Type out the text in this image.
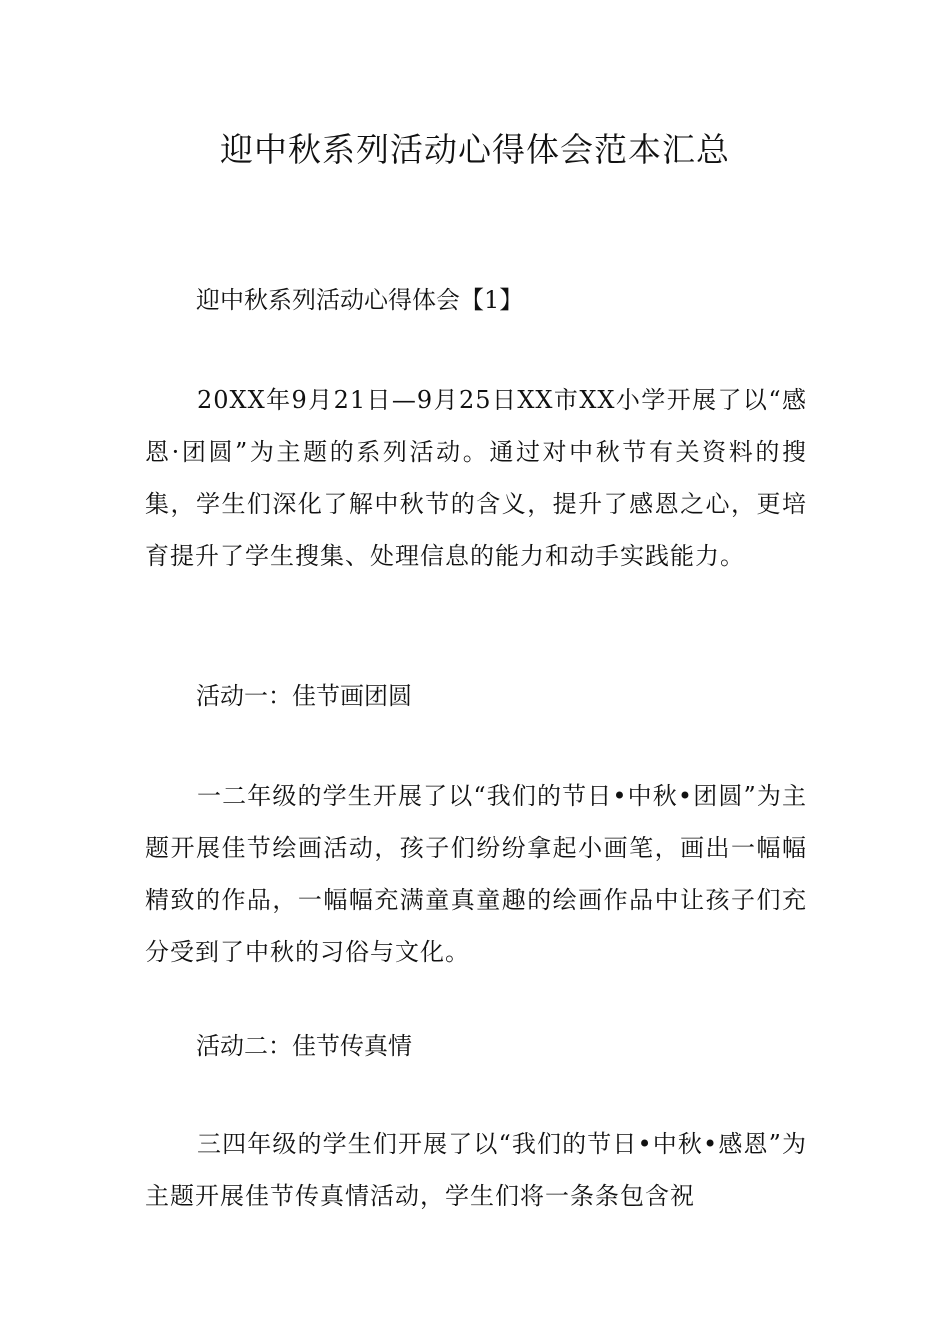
迎中秋系列活动心得体会范本汇总

迎中秋系列活动心得体会【1】

20XX年9月21日—9月25日XX市XX小学开展了以“感恩·团圆”为主题的系列活动。通过对中秋节有关资料的搜集，学生们深化了解中秋节的含义，提升了感恩之心，更培育提升了学生搜集、处理信息的能力和动手实践能力。

活动一：佳节画团圆

一二年级的学生开展了以“我们的节日•中秋•团圆”为主题开展佳节绘画活动，孩子们纷纷拿起小画笔，画出一幅幅精致的作品，一幅幅充满童真童趣的绘画作品中让孩子们充分受到了中秋的习俗与文化。

活动二：佳节传真情

三四年级的学生们开展了以“我们的节日•中秋•感恩”为主题开展佳节传真情活动，学生们将一条条包含祝
